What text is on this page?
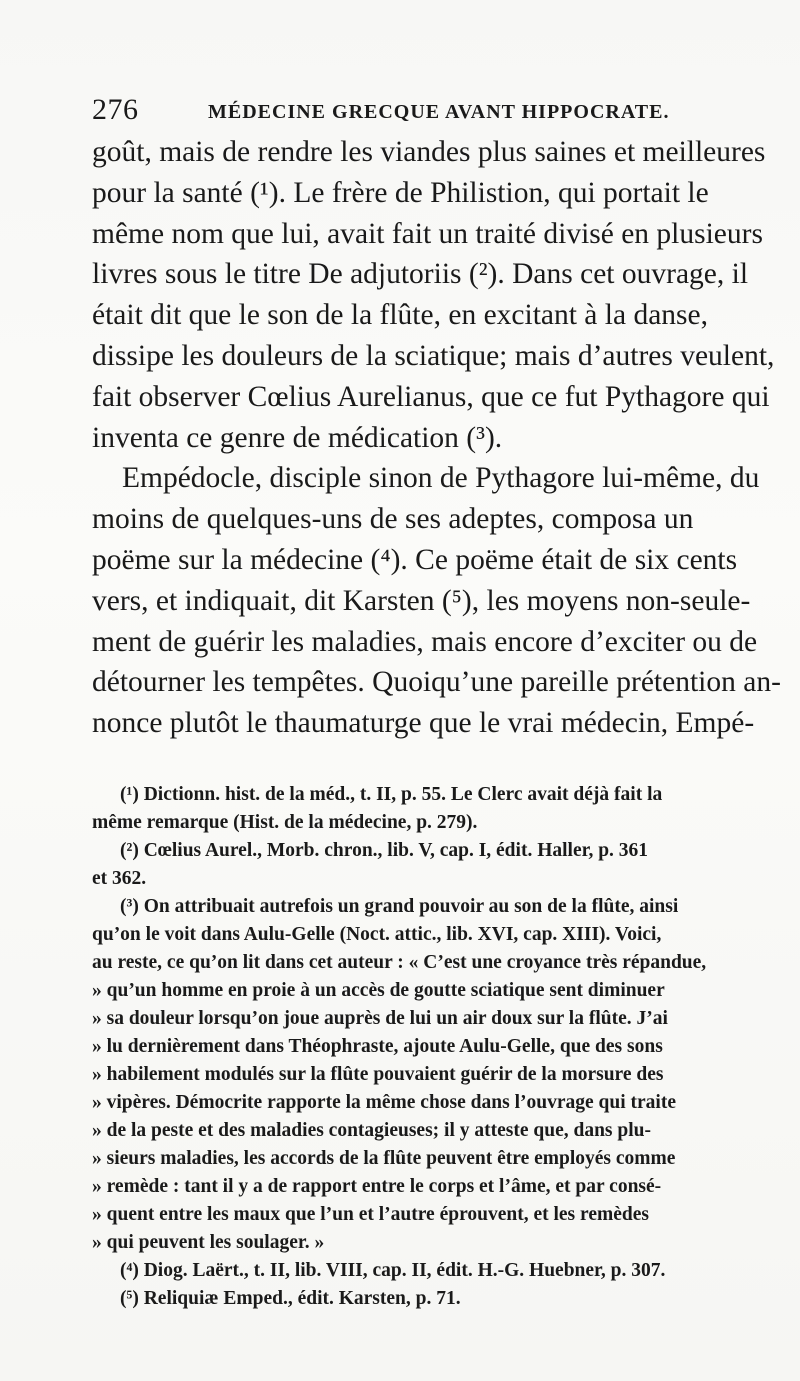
276	MÉDECINE GRECQUE AVANT HIPPOCRATE.
goût, mais de rendre les viandes plus saines et meilleures
pour la santé (¹). Le frère de Philistion, qui portait le
même nom que lui, avait fait un traité divisé en plusieurs
livres sous le titre De adjutoriis (²). Dans cet ouvrage, il
était dit que le son de la flûte, en excitant à la danse,
dissipe les douleurs de la sciatique; mais d’autres veulent,
fait observer Cœlius Aurelianus, que ce fut Pythagore qui
inventa ce genre de médication (³).
Empédocle, disciple sinon de Pythagore lui-même, du
moins de quelques-uns de ses adeptes, composa un
poëme sur la médecine (⁴). Ce poëme était de six cents
vers, et indiquait, dit Karsten (⁵), les moyens non-seule-
ment de guérir les maladies, mais encore d’exciter ou de
détourner les tempêtes. Quoiqu’une pareille prétention an-
nonce plutôt le thaumaturge que le vrai médecin, Empé-
(¹) Dictionn. hist. de la méd., t. II, p. 55. Le Clerc avait déjà fait la
même remarque (Hist. de la médecine, p. 279).
(²) Cœlius Aurel., Morb. chron., lib. V, cap. I, édit. Haller, p. 361
et 362.
(³) On attribuait autrefois un grand pouvoir au son de la flûte, ainsi
qu’on le voit dans Aulu-Gelle (Noct. attic., lib. XVI, cap. XIII). Voici,
au reste, ce qu’on lit dans cet auteur : « C’est une croyance très répandue,
» qu’un homme en proie à un accès de goutte sciatique sent diminuer
» sa douleur lorsqu’on joue auprès de lui un air doux sur la flûte. J’ai
» lu dernièrement dans Théophraste, ajoute Aulu-Gelle, que des sons
» habilement modulés sur la flûte pouvaient guérir de la morsure des
» vipères. Démocrite rapporte la même chose dans l’ouvrage qui traite
» de la peste et des maladies contagieuses; il y atteste que, dans plu-
» sieurs maladies, les accords de la flûte peuvent être employés comme
» remède : tant il y a de rapport entre le corps et l’âme, et par consé-
» quent entre les maux que l’un et l’autre éprouvent, et les remèdes
» qui peuvent les soulager. »
(⁴) Diog. Laërt., t. II, lib. VIII, cap. II, édit. H.-G. Huebner, p. 307.
(⁵) Reliquiæ Emped., édit. Karsten, p. 71.
